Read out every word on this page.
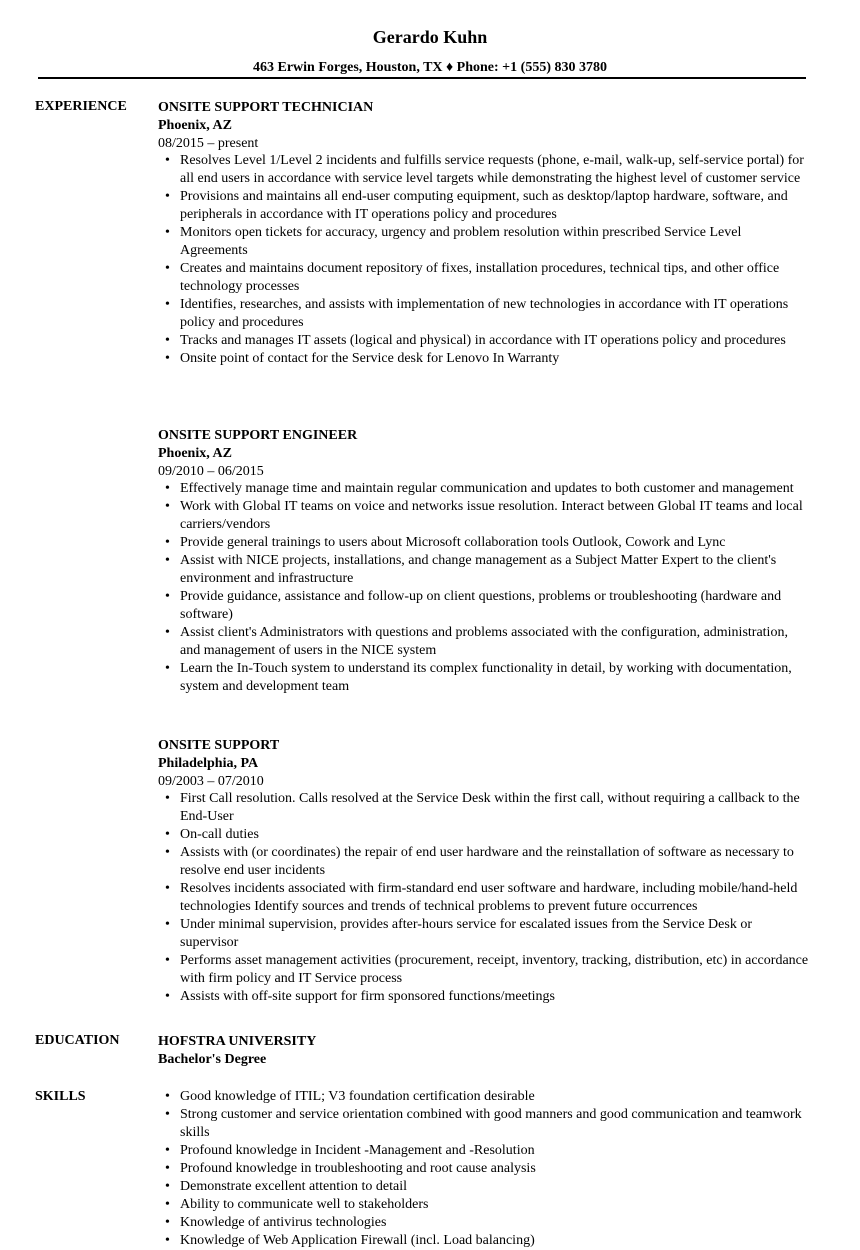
Gerardo Kuhn
463 Erwin Forges, Houston, TX ♦ Phone: +1 (555) 830 3780
EXPERIENCE ONSITE SUPPORT TECHNICIAN
Phoenix, AZ
08/2015 – present
• Resolves Level 1/Level 2 incidents and fulfills service requests (phone, e-mail, walk-up, self-service portal) for all end users in accordance with service level targets while demonstrating the highest level of customer service
• Provisions and maintains all end-user computing equipment, such as desktop/laptop hardware, software, and peripherals in accordance with IT operations policy and procedures
• Monitors open tickets for accuracy, urgency and problem resolution within prescribed Service Level Agreements
• Creates and maintains document repository of fixes, installation procedures, technical tips, and other office technology processes
• Identifies, researches, and assists with implementation of new technologies in accordance with IT operations policy and procedures
• Tracks and manages IT assets (logical and physical) in accordance with IT operations policy and procedures
• Onsite point of contact for the Service desk for Lenovo In Warranty
ONSITE SUPPORT ENGINEER
Phoenix, AZ
09/2010 – 06/2015
• Effectively manage time and maintain regular communication and updates to both customer and management
• Work with Global IT teams on voice and networks issue resolution. Interact between Global IT teams and local carriers/vendors
• Provide general trainings to users about Microsoft collaboration tools Outlook, Cowork and Lync
• Assist with NICE projects, installations, and change management as a Subject Matter Expert to the client's environment and infrastructure
• Provide guidance, assistance and follow-up on client questions, problems or troubleshooting (hardware and software)
• Assist client's Administrators with questions and problems associated with the configuration, administration, and management of users in the NICE system
• Learn the In-Touch system to understand its complex functionality in detail, by working with documentation, system and development team
ONSITE SUPPORT
Philadelphia, PA
09/2003 – 07/2010
• First Call resolution. Calls resolved at the Service Desk within the first call, without requiring a callback to the End-User
• On-call duties
• Assists with (or coordinates) the repair of end user hardware and the reinstallation of software as necessary to resolve end user incidents
• Resolves incidents associated with firm-standard end user software and hardware, including mobile/hand-held technologies Identify sources and trends of technical problems to prevent future occurrences
• Under minimal supervision, provides after-hours service for escalated issues from the Service Desk or supervisor
• Performs asset management activities (procurement, receipt, inventory, tracking, distribution, etc) in accordance with firm policy and IT Service process
• Assists with off-site support for firm sponsored functions/meetings
EDUCATION	HOFSTRA UNIVERSITY
Bachelor's Degree
SKILLS
•	Good knowledge of ITIL; V3 foundation certification desirable
• Strong customer and service orientation combined with good manners and good communication and teamwork skills
• Profound knowledge in Incident -Management and -Resolution
• Profound knowledge in troubleshooting and root cause analysis
• Demonstrate excellent attention to detail
• Ability to communicate well to stakeholders
• Knowledge of antivirus technologies
• Knowledge of Web Application Firewall (incl. Load balancing)
